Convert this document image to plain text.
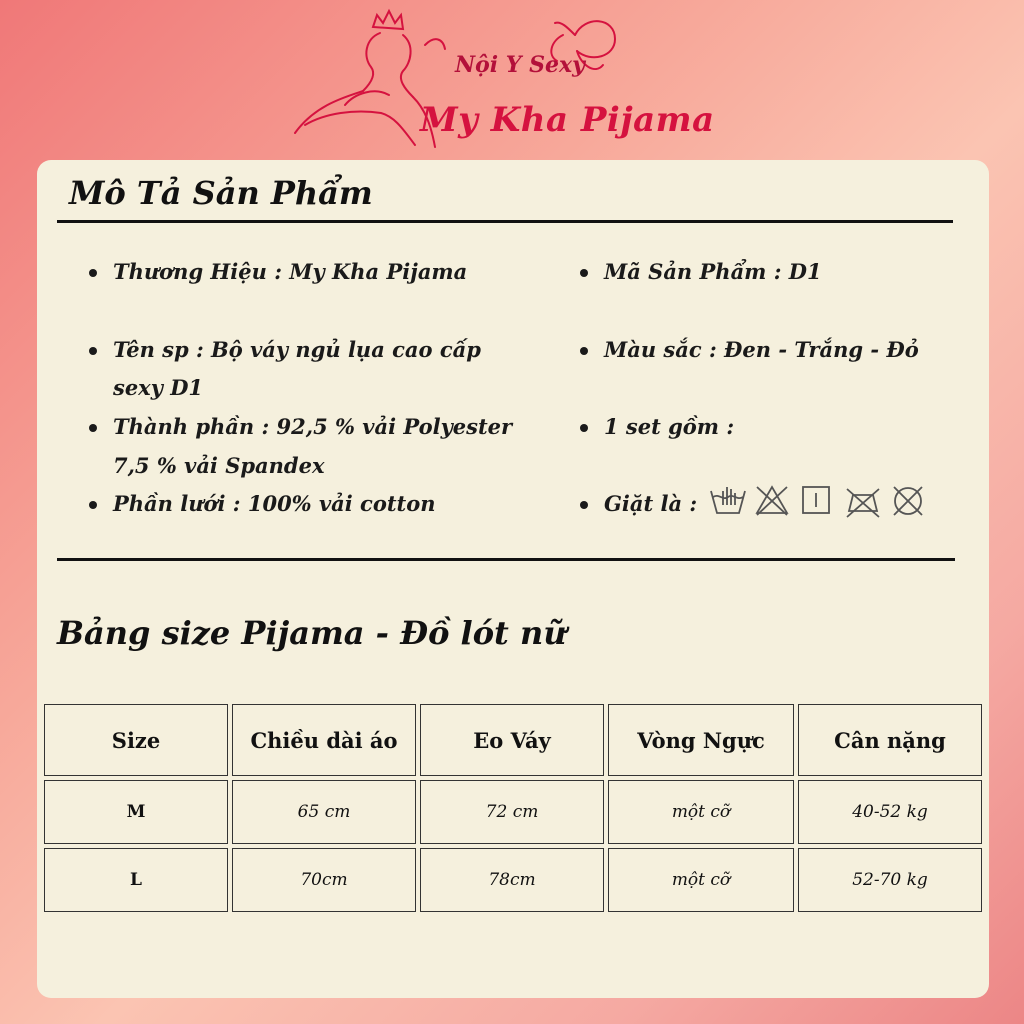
Nội Y Sexy
My Kha Pijama
Mô Tả Sản Phẩm
Thương Hiệu : My Kha Pijama
Tên sp : Bộ váy ngủ lụa cao cấp
sexy D1
Thành phần : 92,5 % vải Polyester
7,5 % vải Spandex
Phần lưới : 100% vải cotton
Mã Sản Phẩm : D1
Màu sắc : Đen - Trắng - Đỏ
1 set gồm :
Giặt là :
Bảng size Pijama - Đồ lót nữ
Size	Chiều dài áo	Eo Váy	Vòng Ngực	Cân nặng
M	65 cm	72 cm	một cỡ	40-52 kg
L	70cm	78cm	một cỡ	52-70 kg
